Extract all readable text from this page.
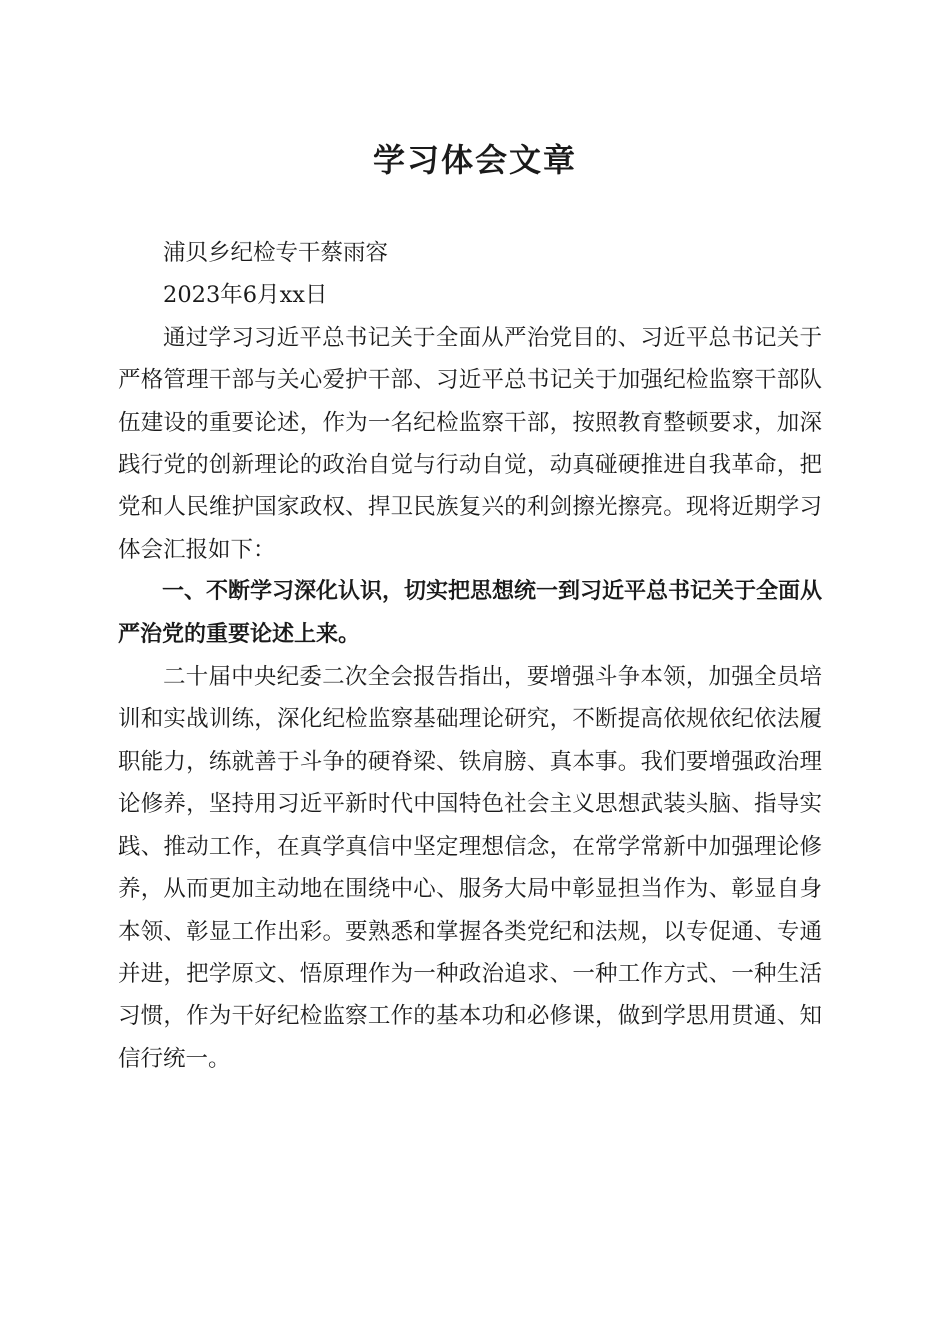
学习体会文章

浦贝乡纪检专干蔡雨容

2023年6月xx日

通过学习习近平总书记关于全面从严治党目的、习近平总书记关于严格管理干部与关心爱护干部、习近平总书记关于加强纪检监察干部队伍建设的重要论述，作为一名纪检监察干部，按照教育整顿要求，加深践行党的创新理论的政治自觉与行动自觉，动真碰硬推进自我革命，把党和人民维护国家政权、捍卫民族复兴的利剑擦光擦亮。现将近期学习体会汇报如下：

一、不断学习深化认识，切实把思想统一到习近平总书记关于全面从严治党的重要论述上来。

二十届中央纪委二次全会报告指出，要增强斗争本领，加强全员培训和实战训练，深化纪检监察基础理论研究，不断提高依规依纪依法履职能力，练就善于斗争的硬脊梁、铁肩膀、真本事。我们要增强政治理论修养，坚持用习近平新时代中国特色社会主义思想武装头脑、指导实践、推动工作，在真学真信中坚定理想信念，在常学常新中加强理论修养，从而更加主动地在围绕中心、服务大局中彰显担当作为、彰显自身本领、彰显工作出彩。要熟悉和掌握各类党纪和法规，以专促通、专通并进，把学原文、悟原理作为一种政治追求、一种工作方式、一种生活习惯，作为干好纪检监察工作的基本功和必修课，做到学思用贯通、知信行统一。
